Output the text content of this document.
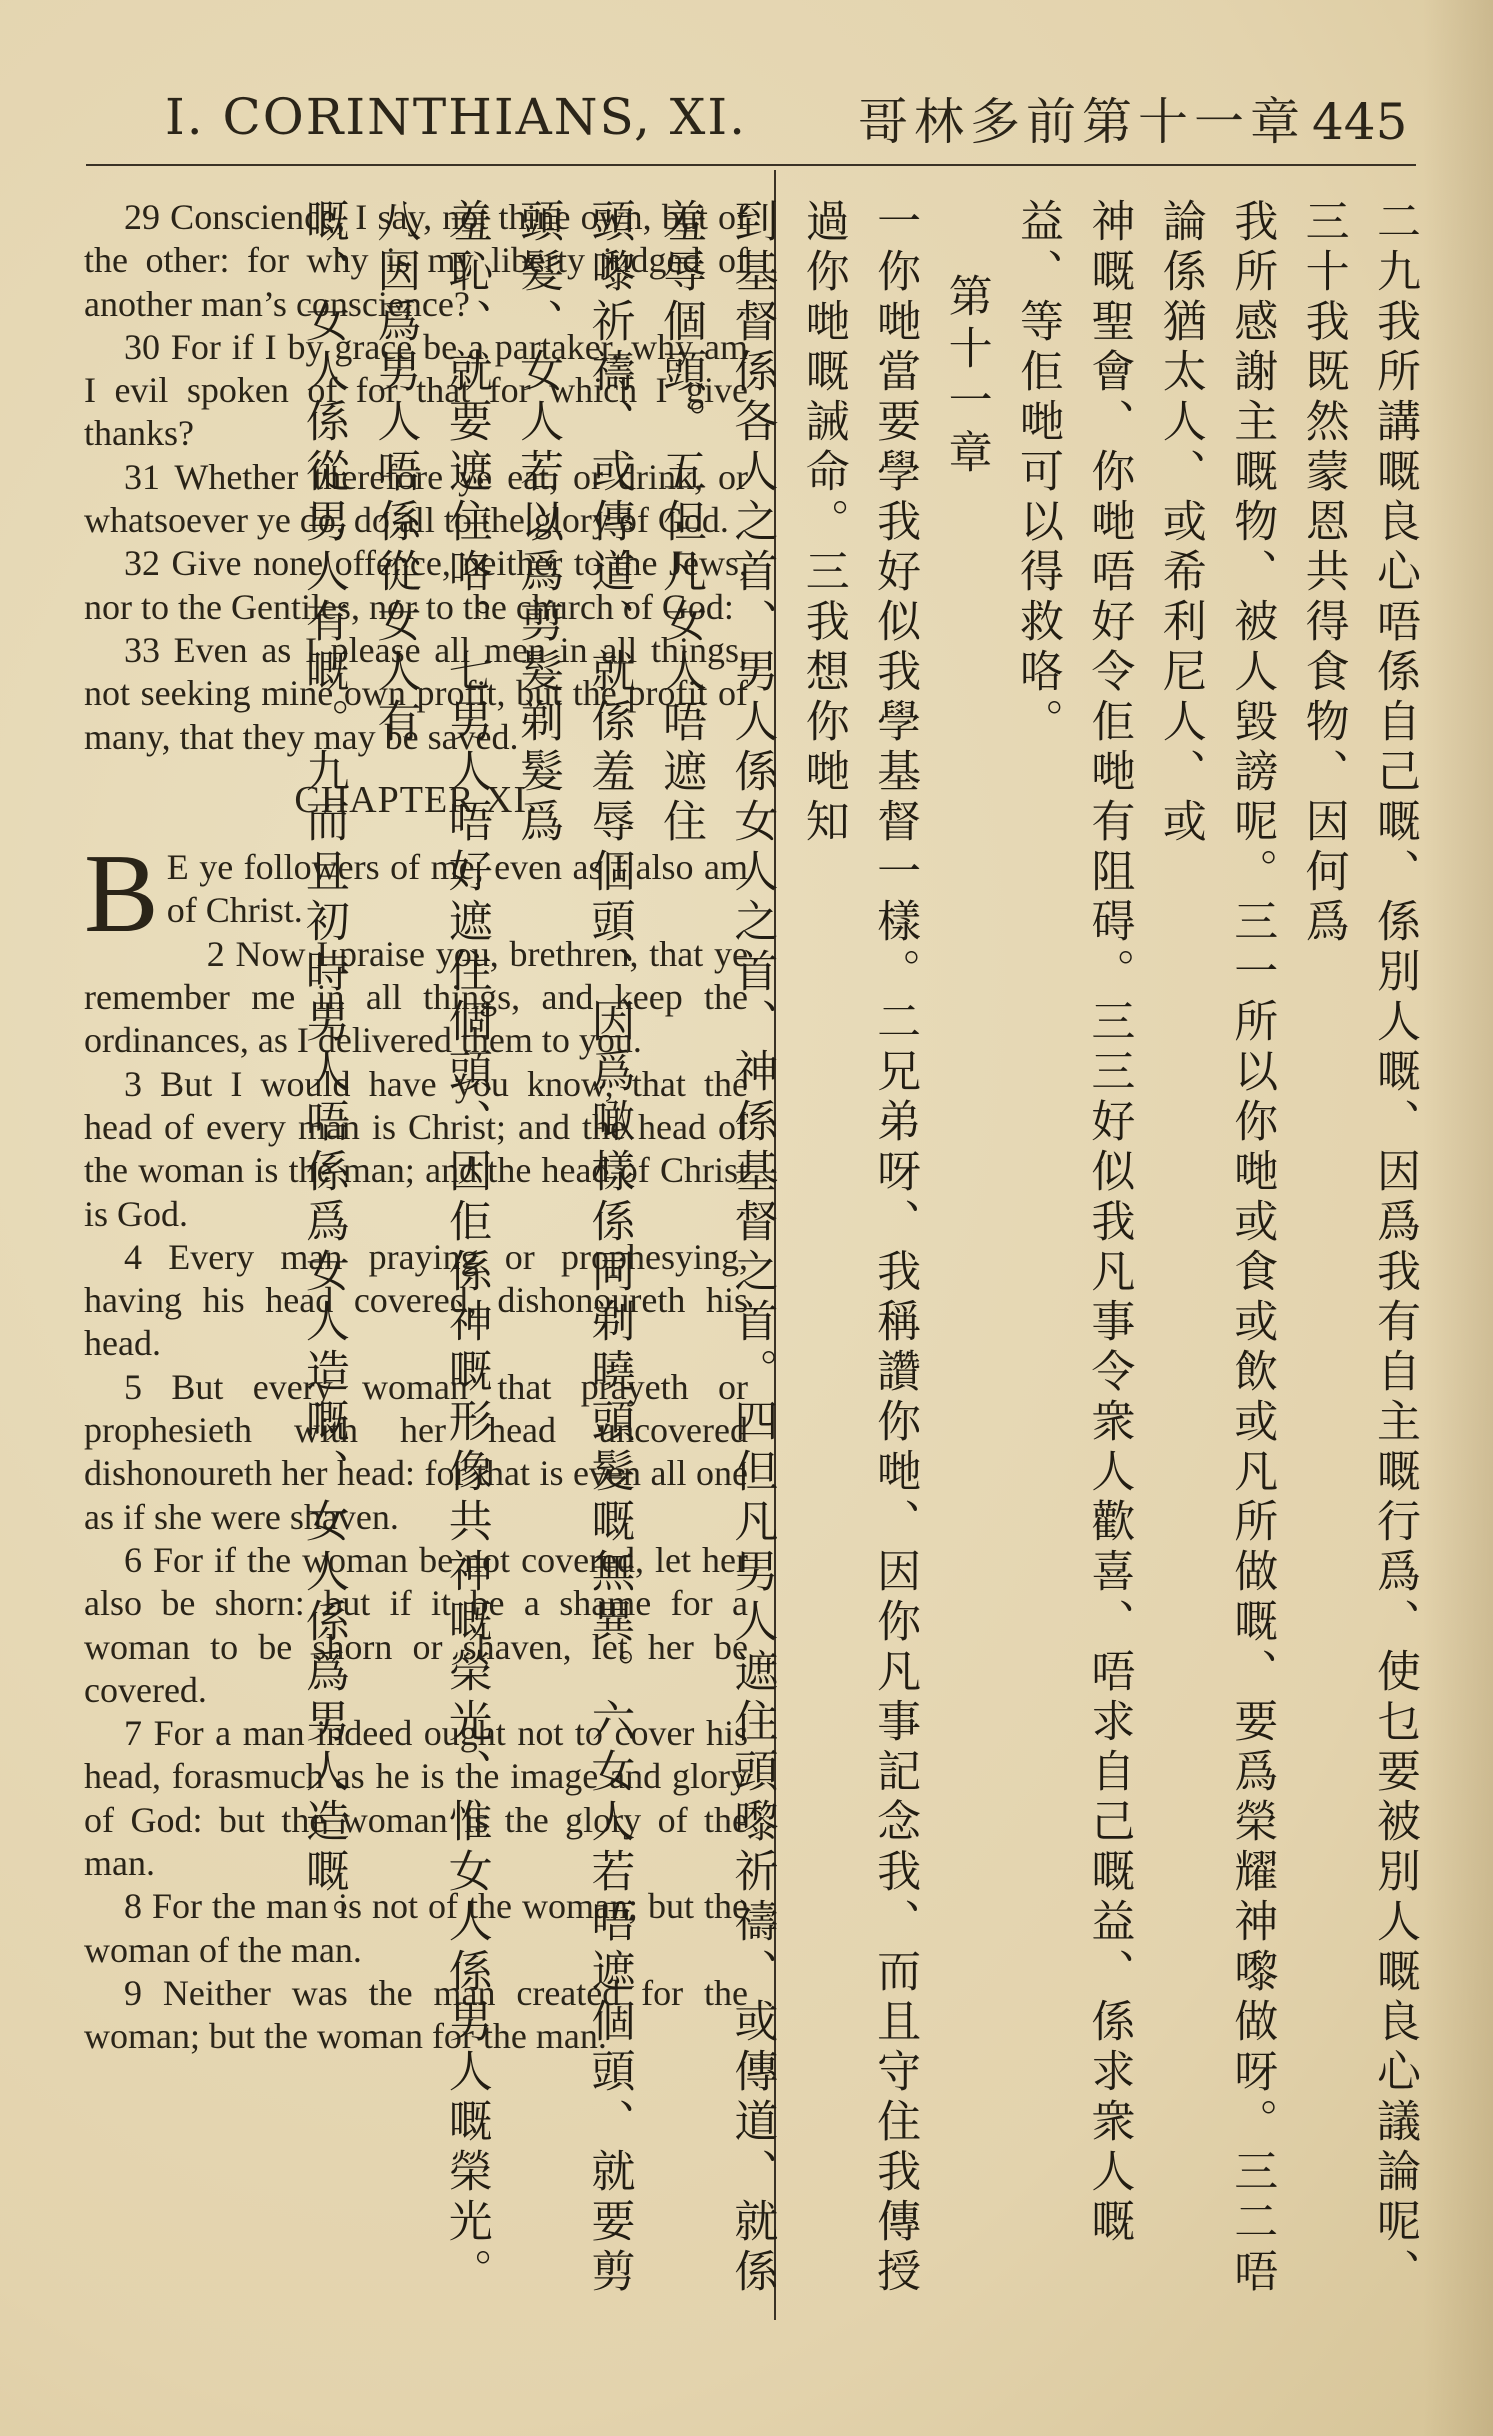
I. CORINTHIANS, XI. 哥林多前第十一章 445

29 Conscience, I say, not thine own, but of the other: for why is my liberty judged of another man’s conscience?

30 For if I by grace be a partaker, why am I evil spoken of for that for which I give thanks?

31 Whether therefore ye eat, or drink, or whatsoever ye do, do all to the glory of God.

32 Give none offence, neither to the Jews, nor to the Gentiles, nor to the church of God:

33 Even as I please all men in all things, not seeking mine own profit, but the profit of many, that they may be saved.

CHAPTER XI.

B E ye followers of me, even as I also am of Christ.

2 Now I praise you, brethren, that ye remember me in all things, and keep the ordinances, as I delivered them to you.

3 But I would have you know, that the head of every man is Christ; and the head of the woman is the man; and the head of Christ is God.

4 Every man praying or prophesying, having his head covered, dishonoureth his head.

5 But every woman that prayeth or prophesieth with her head uncovered dishonoureth her head: for that is even all one as if she were shaven.

6 For if the woman be not covered, let her also be shorn: but if it be a shame for a woman to be shorn or shaven, let her be covered.

7 For a man indeed ought not to cover his head, forasmuch as he is the image and glory of God: but the woman is the glory of the man.

8 For the man is not of the woman; but the woman of the man.

9 Neither was the man created for the woman; but the woman for the man.	二九我所講嘅良心唔係自己嘅、係別人嘅、因爲我有自主嘅行爲、使乜要被別人嘅良心議論呢、三十我既然蒙恩共得食物、因何爲

我所感謝主嘅物、被人毀謗呢。三一所以你哋或食或飲或凡所做嘅、要爲榮耀神嚟做呀。三二唔論係猶太人、或希利尼人、或

神嘅聖會、你哋唔好令佢哋有阻碍。三三好似我凡事令衆人歡喜、唔求自己嘅益、係求衆人嘅益、等佢哋可以得救咯。

第十一章

一你哋當要學我好似我學基督一樣。二兄弟呀、我稱讚你哋、因你凡事記念我、而且守住我傳授過你哋嘅誡命。三我想你哋知

到基督係各人之首、男人係女人之首、神係基督之首。四但凡男人遮住頭嚟祈禱、或傳道、就係羞辱個頭。五但凡女人唔遮住

頭嚟祈禱、或傳道、就係羞辱個頭、因爲噉樣係同剃曉頭髮嘅無異。六女人若唔遮個頭、就要剪頭髮、女人若以爲剪髮剃髮爲

羞恥、就要遮住咯。七男人唔好遮住個頭、因佢係神嘅形像共神嘅榮光、惟女人係男人嘅榮光。八因爲男人唔係從女人有

嘅、女人係從男人有嘅。九而且初時男人唔係爲女人造嘅、女人係爲男人造嘅。
